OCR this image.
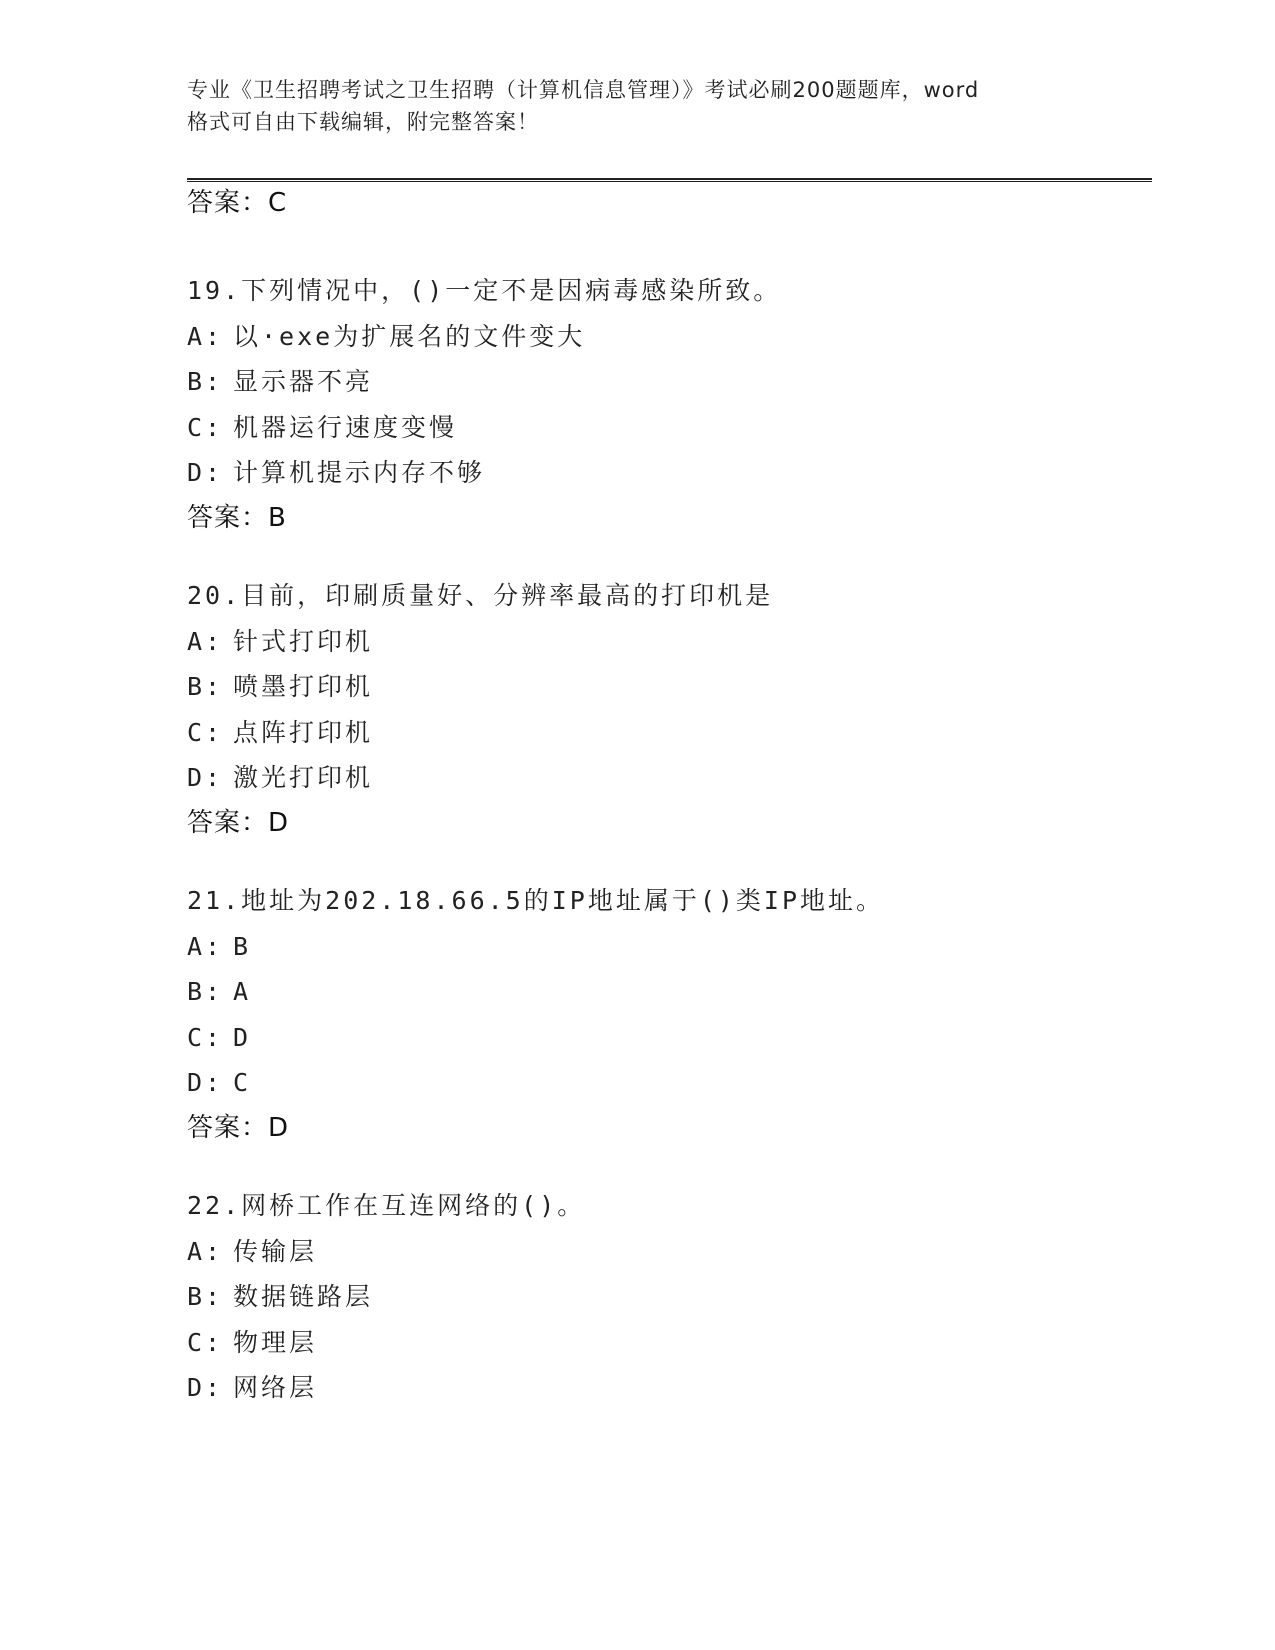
专业《卫生招聘考试之卫生招聘（计算机信息管理）》考试必刷200题题库，word
格式可自由下载编辑，附完整答案！
答案：C
19.下列情况中，()一定不是因病毒感染所致。
A: 以·exe为扩展名的文件变大
B: 显示器不亮
C: 机器运行速度变慢
D: 计算机提示内存不够
答案：B
20.目前，印刷质量好、分辨率最高的打印机是
A: 针式打印机
B: 喷墨打印机
C: 点阵打印机
D: 激光打印机
答案：D
21.地址为202.18.66.5的IP地址属于()类IP地址。
A: B
B: A
C: D
D: C
答案：D
22.网桥工作在互连网络的()。
A: 传输层
B: 数据链路层
C: 物理层
D: 网络层
